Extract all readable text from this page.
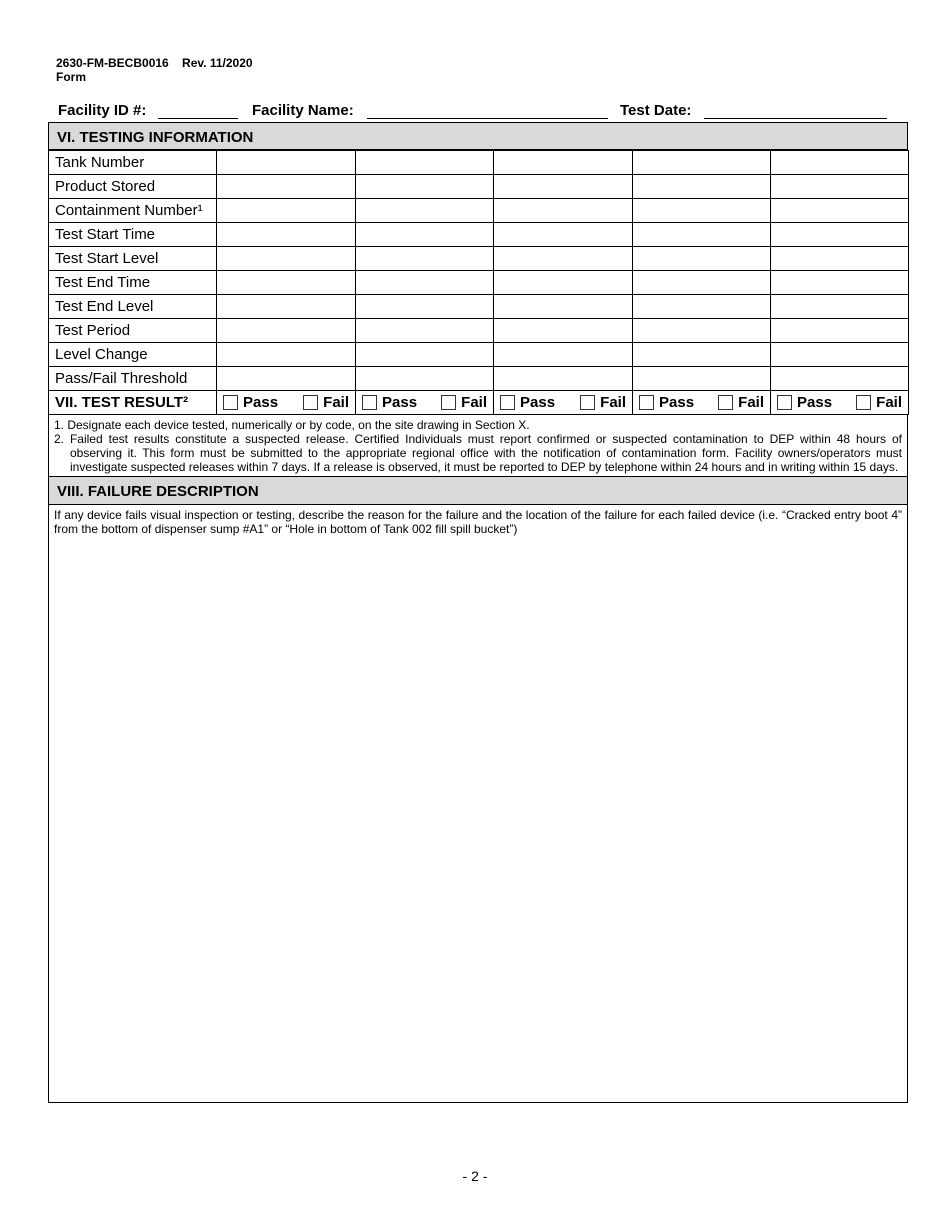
2630-FM-BECB0016    Rev. 11/2020
Form
Facility ID #:	Facility Name:	Test Date:
VI. TESTING INFORMATION
Tank Number					
Product Stored					
Containment Number¹					
Test Start Time					
Test Start Level					
Test End Time					
Test End Level					
Test Period					
Level Change					
Pass/Fail Threshold					
VII. TEST RESULT²	Pass Fail	Pass Fail	Pass Fail	Pass Fail	Pass Fail

1. Designate each device tested, numerically or by code, on the site drawing in Section X.

2. Failed test results constitute a suspected release. Certified Individuals must report confirmed or suspected contamination to DEP within 48 hours of observing it. This form must be submitted to the appropriate regional office with the notification of contamination form. Facility owners/operators must investigate suspected releases within 7 days. If a release is observed, it must be reported to DEP by telephone within 24 hours and in writing within 15 days.

VIII. FAILURE DESCRIPTION
If any device fails visual inspection or testing, describe the reason for the failure and the location of the failure for each failed device (i.e. “Cracked entry boot 4” from the bottom of dispenser sump #A1” or “Hole in bottom of Tank 002 fill spill bucket”)
- 2 -
